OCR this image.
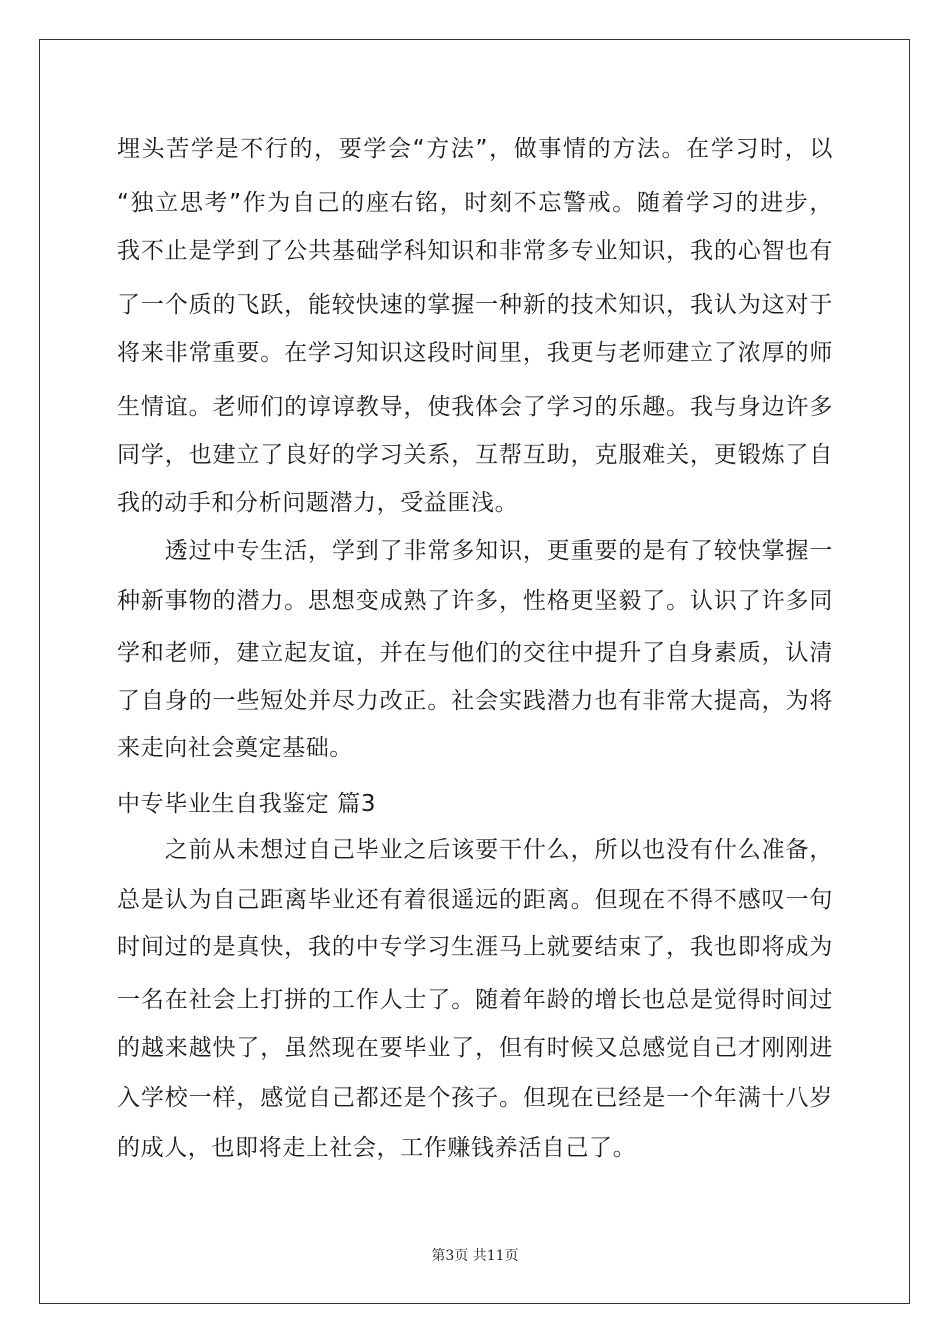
埋头苦学是不行的，要学会“方法”，做事情的方法。在学习时，以
“独立思考”作为自己的座右铭，时刻不忘警戒。随着学习的进步，
我不止是学到了公共基础学科知识和非常多专业知识，我的心智也有
了一个质的飞跃，能较快速的掌握一种新的技术知识，我认为这对于
将来非常重要。在学习知识这段时间里，我更与老师建立了浓厚的师
生情谊。老师们的谆谆教导，使我体会了学习的乐趣。我与身边许多
同学，也建立了良好的学习关系，互帮互助，克服难关，更锻炼了自
我的动手和分析问题潜力，受益匪浅。
　　透过中专生活，学到了非常多知识，更重要的是有了较快掌握一
种新事物的潜力。思想变成熟了许多，性格更坚毅了。认识了许多同
学和老师，建立起友谊，并在与他们的交往中提升了自身素质，认清
了自身的一些短处并尽力改正。社会实践潜力也有非常大提高，为将
来走向社会奠定基础。
中专毕业生自我鉴定 篇3
　　之前从未想过自己毕业之后该要干什么，所以也没有什么准备，
总是认为自己距离毕业还有着很遥远的距离。但现在不得不感叹一句
时间过的是真快，我的中专学习生涯马上就要结束了，我也即将成为
一名在社会上打拼的工作人士了。随着年龄的增长也总是觉得时间过
的越来越快了，虽然现在要毕业了，但有时候又总感觉自己才刚刚进
入学校一样，感觉自己都还是个孩子。但现在已经是一个年满十八岁
的成人，也即将走上社会，工作赚钱养活自己了。
第3页 共11页
